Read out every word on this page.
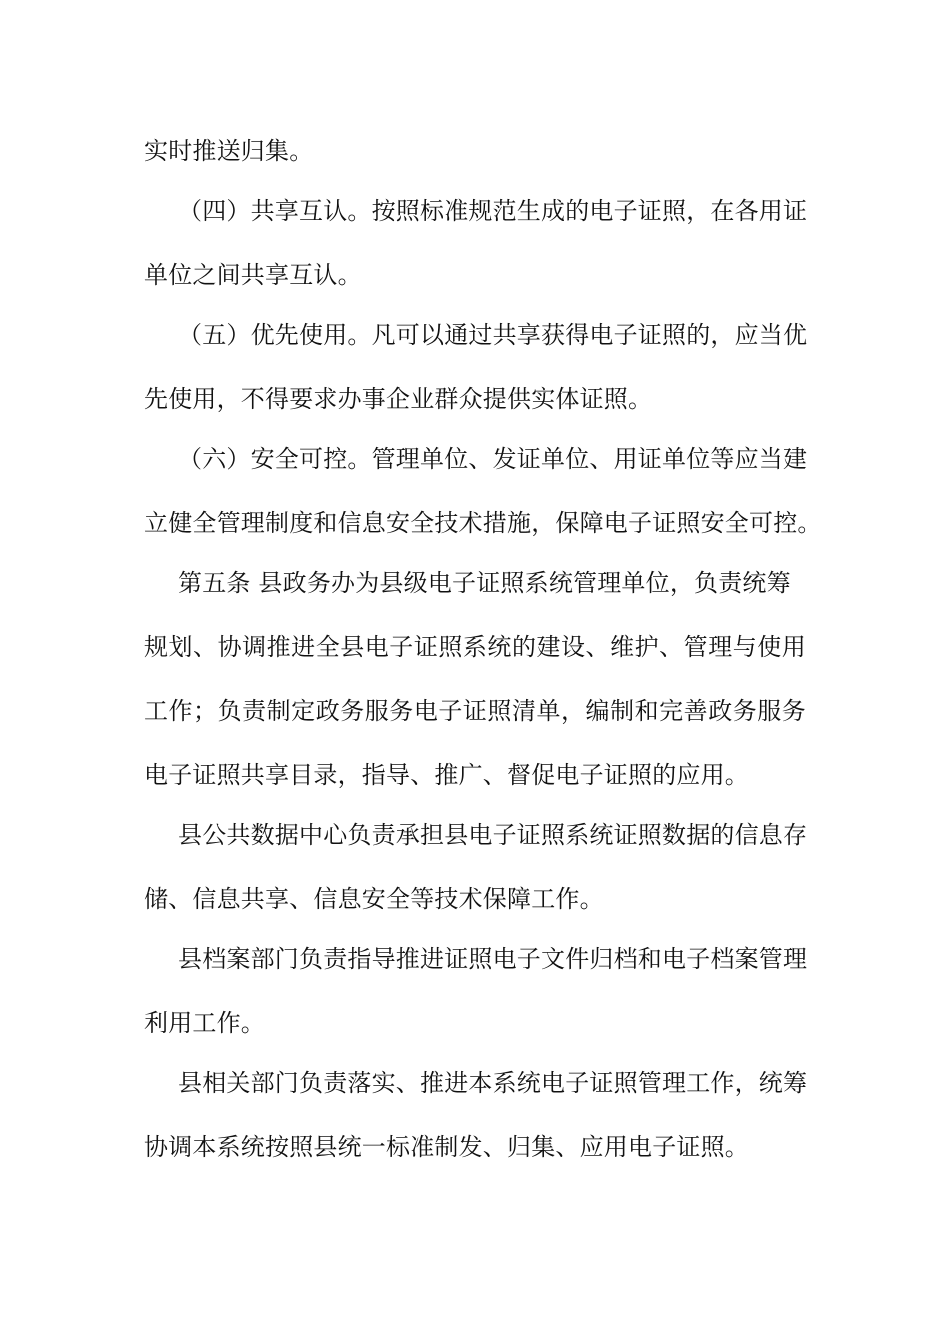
实时推送归集。

（四）共享互认。按照标准规范生成的电子证照，在各用证

单位之间共享互认。

（五）优先使用。凡可以通过共享获得电子证照的，应当优

先使用，不得要求办事企业群众提供实体证照。

（六）安全可控。管理单位、发证单位、用证单位等应当建

立健全管理制度和信息安全技术措施，保障电子证照安全可控。

第五条 县政务办为县级电子证照系统管理单位，负责统筹

规划、协调推进全县电子证照系统的建设、维护、管理与使用

工作；负责制定政务服务电子证照清单，编制和完善政务服务

电子证照共享目录，指导、推广、督促电子证照的应用。

县公共数据中心负责承担县电子证照系统证照数据的信息存

储、信息共享、信息安全等技术保障工作。

县档案部门负责指导推进证照电子文件归档和电子档案管理

利用工作。

县相关部门负责落实、推进本系统电子证照管理工作，统筹

协调本系统按照县统一标准制发、归集、应用电子证照。
